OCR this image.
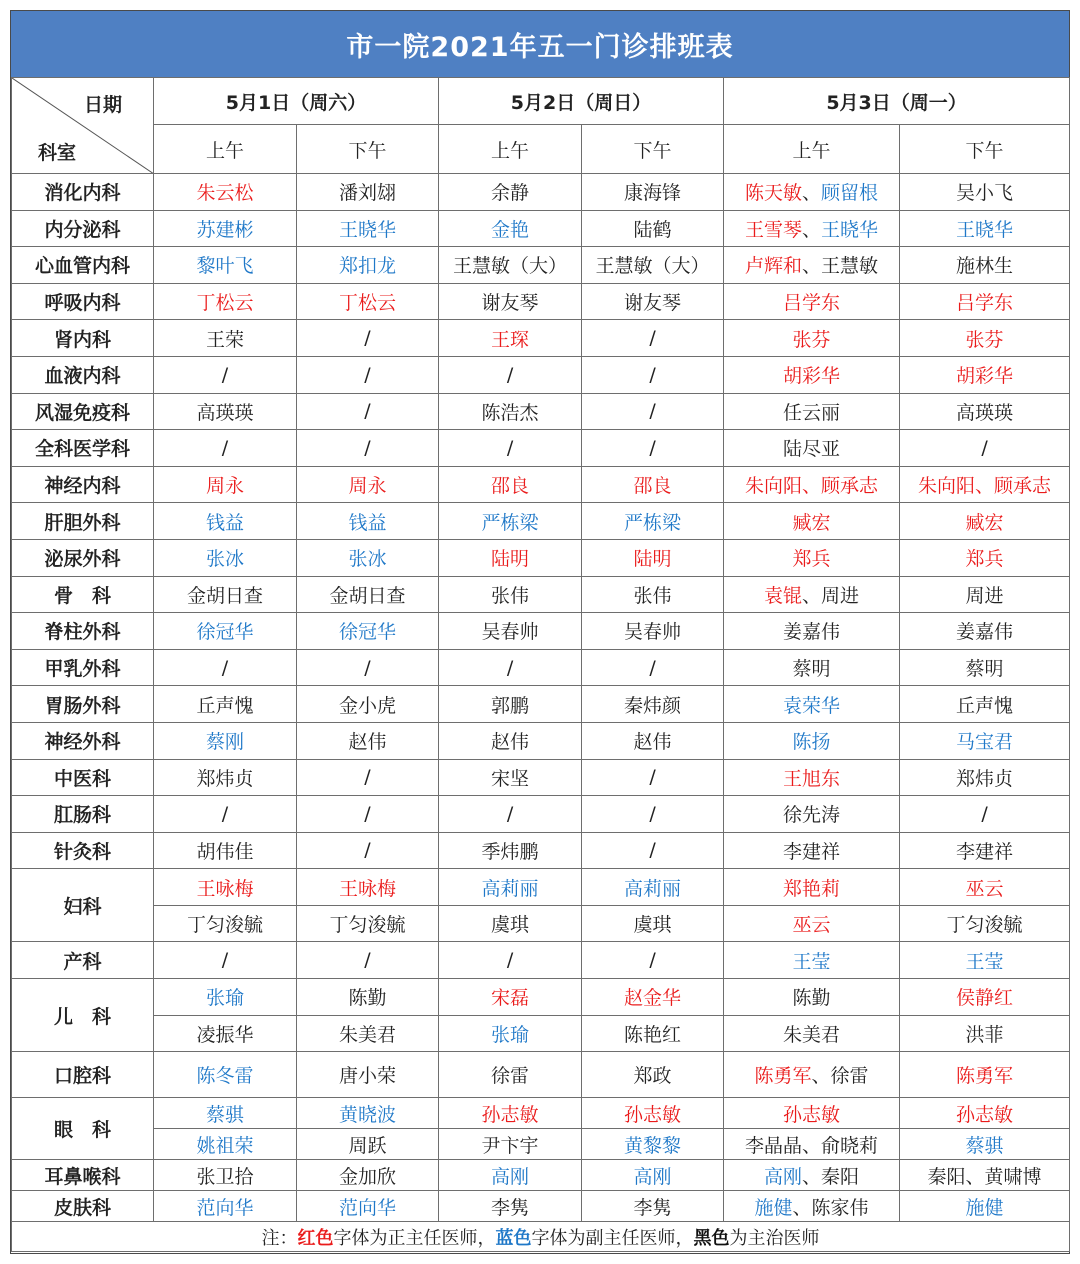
市一院2021年五一门诊排班表
日期
科室	5月1日（周六）		5月2日（周日）		5月3日（周一）	
	上午	下午	上午	下午	上午	下午
消化内科	朱云松	潘刘翃	余静	康海锋	陈天敏、顾留根	吴小飞
内分泌科	苏建彬	王晓华	金艳	陆鹤	王雪琴、王晓华	王晓华
心血管内科	黎叶飞	郑扣龙	王慧敏（大）	王慧敏（大）	卢辉和、王慧敏	施林生
呼吸内科	丁松云	丁松云	谢友琴	谢友琴	吕学东	吕学东
肾内科	王荣	/	王琛	/	张芬	张芬
血液内科	/	/	/	/	胡彩华	胡彩华
风湿免疫科	高瑛瑛	/	陈浩杰	/	任云丽	高瑛瑛
全科医学科	/	/	/	/	陆尽亚	/
神经内科	周永	周永	邵良	邵良	朱向阳、顾承志	朱向阳、顾承志
肝胆外科	钱益	钱益	严栋梁	严栋梁	臧宏	臧宏
泌尿外科	张冰	张冰	陆明	陆明	郑兵	郑兵
骨　科	金胡日查	金胡日查	张伟	张伟	袁锟、周进	周进
脊柱外科	徐冠华	徐冠华	吴春帅	吴春帅	姜嘉伟	姜嘉伟
甲乳外科	/	/	/	/	蔡明	蔡明
胃肠外科	丘声愧	金小虎	郭鹏	秦炜颜	袁荣华	丘声愧
神经外科	蔡刚	赵伟	赵伟	赵伟	陈扬	马宝君
中医科	郑炜贞	/	宋坚	/	王旭东	郑炜贞
肛肠科	/	/	/	/	徐先涛	/
针灸科	胡伟佳	/	季炜鹏	/	李建祥	李建祥
妇科	王咏梅	王咏梅	高莉丽	高莉丽	郑艳莉	巫云
	丁匀浚毓	丁匀浚毓	虞琪	虞琪	巫云	丁匀浚毓
产科	/	/	/	/	王莹	王莹
儿　科	张瑜	陈勤	宋磊	赵金华	陈勤	侯静红
	凌振华	朱美君	张瑜	陈艳红	朱美君	洪菲
口腔科	陈冬雷	唐小荣	徐雷	郑政	陈勇军、徐雷	陈勇军
眼　科	蔡骐	黄晓波	孙志敏	孙志敏	孙志敏	孙志敏
	姚祖荣	周跃	尹卞宇	黄黎黎	李晶晶、俞晓莉	蔡骐
耳鼻喉科	张卫拾	金加欣	高刚	高刚	高刚、秦阳	秦阳、黄啸博
皮肤科	范向华	范向华	李隽	李隽	施健、陈家伟	施健
注：红色字体为正主任医师，蓝色字体为副主任医师，黑色为主治医师						
